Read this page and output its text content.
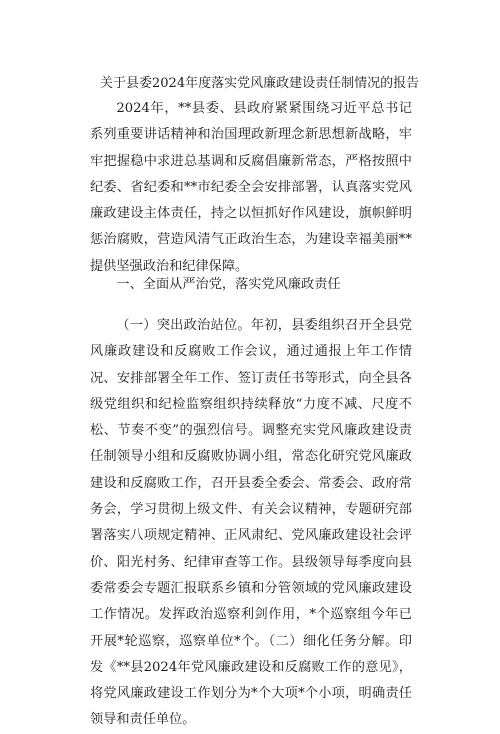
关于县委2024年度落实党风廉政建设责任制情况的报告

2024年，**县委、县政府紧紧围绕习近平总书记系列重要讲话精神和治国理政新理念新思想新战略，牢牢把握稳中求进总基调和反腐倡廉新常态，严格按照中纪委、省纪委和**市纪委全会安排部署，认真落实党风廉政建设主体责任，持之以恒抓好作风建设，旗帜鲜明惩治腐败，营造风清气正政治生态，为建设幸福美丽**提供坚强政治和纪律保障。

一、全面从严治党，落实党风廉政责任

（一）突出政治站位。年初，县委组织召开全县党风廉政建设和反腐败工作会议，通过通报上年工作情况、安排部署全年工作、签订责任书等形式，向全县各级党组织和纪检监察组织持续释放“力度不减、尺度不松、节奏不变”的强烈信号。调整充实党风廉政建设责任制领导小组和反腐败协调小组，常态化研究党风廉政建设和反腐败工作，召开县委全委会、常委会、政府常务会，学习贯彻上级文件、有关会议精神，专题研究部署落实八项规定精神、正风肃纪、党风廉政建设社会评价、阳光村务、纪律审查等工作。县级领导每季度向县委常委会专题汇报联系乡镇和分管领域的党风廉政建设工作情况。发挥政治巡察利剑作用，*个巡察组今年已开展*轮巡察，巡察单位*个。（二）细化任务分解。印发《**县2024年党风廉政建设和反腐败工作的意见》，将党风廉政建设工作划分为*个大项*个小项，明确责任领导和责任单位。
